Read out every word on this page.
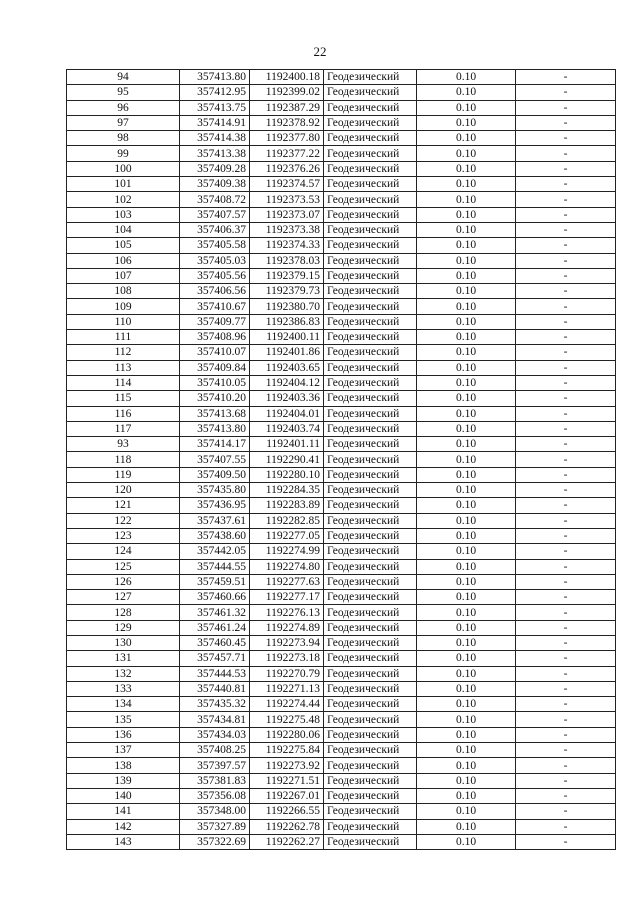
22
94	357413.80	1192400.18	Геодезический	0.10	-
95	357412.95	1192399.02	Геодезический	0.10	-
96	357413.75	1192387.29	Геодезический	0.10	-
97	357414.91	1192378.92	Геодезический	0.10	-
98	357414.38	1192377.80	Геодезический	0.10	-
99	357413.38	1192377.22	Геодезический	0.10	-
100	357409.28	1192376.26	Геодезический	0.10	-
101	357409.38	1192374.57	Геодезический	0.10	-
102	357408.72	1192373.53	Геодезический	0.10	-
103	357407.57	1192373.07	Геодезический	0.10	-
104	357406.37	1192373.38	Геодезический	0.10	-
105	357405.58	1192374.33	Геодезический	0.10	-
106	357405.03	1192378.03	Геодезический	0.10	-
107	357405.56	1192379.15	Геодезический	0.10	-
108	357406.56	1192379.73	Геодезический	0.10	-
109	357410.67	1192380.70	Геодезический	0.10	-
110	357409.77	1192386.83	Геодезический	0.10	-
111	357408.96	1192400.11	Геодезический	0.10	-
112	357410.07	1192401.86	Геодезический	0.10	-
113	357409.84	1192403.65	Геодезический	0.10	-
114	357410.05	1192404.12	Геодезический	0.10	-
115	357410.20	1192403.36	Геодезический	0.10	-
116	357413.68	1192404.01	Геодезический	0.10	-
117	357413.80	1192403.74	Геодезический	0.10	-
93	357414.17	1192401.11	Геодезический	0.10	-
118	357407.55	1192290.41	Геодезический	0.10	-
119	357409.50	1192280.10	Геодезический	0.10	-
120	357435.80	1192284.35	Геодезический	0.10	-
121	357436.95	1192283.89	Геодезический	0.10	-
122	357437.61	1192282.85	Геодезический	0.10	-
123	357438.60	1192277.05	Геодезический	0.10	-
124	357442.05	1192274.99	Геодезический	0.10	-
125	357444.55	1192274.80	Геодезический	0.10	-
126	357459.51	1192277.63	Геодезический	0.10	-
127	357460.66	1192277.17	Геодезический	0.10	-
128	357461.32	1192276.13	Геодезический	0.10	-
129	357461.24	1192274.89	Геодезический	0.10	-
130	357460.45	1192273.94	Геодезический	0.10	-
131	357457.71	1192273.18	Геодезический	0.10	-
132	357444.53	1192270.79	Геодезический	0.10	-
133	357440.81	1192271.13	Геодезический	0.10	-
134	357435.32	1192274.44	Геодезический	0.10	-
135	357434.81	1192275.48	Геодезический	0.10	-
136	357434.03	1192280.06	Геодезический	0.10	-
137	357408.25	1192275.84	Геодезический	0.10	-
138	357397.57	1192273.92	Геодезический	0.10	-
139	357381.83	1192271.51	Геодезический	0.10	-
140	357356.08	1192267.01	Геодезический	0.10	-
141	357348.00	1192266.55	Геодезический	0.10	-
142	357327.89	1192262.78	Геодезический	0.10	-
143	357322.69	1192262.27	Геодезический	0.10	-
